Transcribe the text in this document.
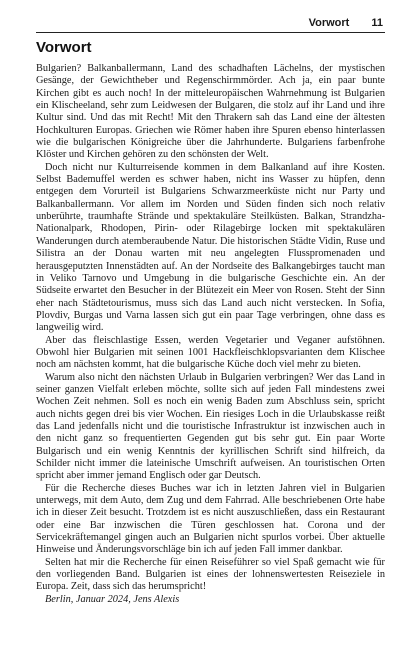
Vorwort 11
Vorwort

Bulgarien? Balkanballermann, Land des schadhaften Lächelns, der mystischen Gesänge, der Gewichtheber und Regenschirmmörder. Ach ja, ein paar bunte Kirchen gibt es auch noch! In der mitteleuropäischen Wahrnehmung ist Bulgarien ein Klischeeland, sehr zum Leidwesen der Bulgaren, die stolz auf ihr Land und ihre Kultur sind. Und das mit Recht! Mit den Thrakern sah das Land eine der ältesten Hochkulturen Europas. Griechen wie Römer haben ihre Spuren ebenso hinterlassen wie die bulgarischen Königreiche über die Jahrhunderte. Bulgariens farbenfrohe Klöster und Kirchen gehören zu den schönsten der Welt.

Doch nicht nur Kulturreisende kommen in dem Balkanland auf ihre Kosten. Selbst Bademuffel werden es schwer haben, nicht ins Wasser zu hüpfen, denn entgegen dem Vorurteil ist Bulgariens Schwarzmeerküste nicht nur Party und Balkanballermann. Vor allem im Norden und Süden finden sich noch relativ unberührte, traumhafte Strände und spektakuläre Steilküsten. Balkan, Strandzha-Nationalpark, Rhodopen, Pirin- oder Rilagebirge locken mit spektakulären Wanderungen durch atemberaubende Natur. Die historischen Städte Vidin, Ruse und Silistra an der Donau warten mit neu angelegten Flusspromenaden und herausgeputzten Innenstädten auf. An der Nordseite des Balkangebirges taucht man in Veliko Tarnovo und Umgebung in die bulgarische Geschichte ein. An der Südseite erwartet den Besucher in der Blütezeit ein Meer von Rosen. Steht der Sinn eher nach Städtetourismus, muss sich das Land auch nicht verstecken. In Sofia, Plovdiv, Burgas und Varna lassen sich gut ein paar Tage verbringen, ohne dass es langweilig wird.

Aber das fleischlastige Essen, werden Vegetarier und Veganer aufstöhnen. Obwohl hier Bulgarien mit seinen 1001 Hackfleischklopsvarianten dem Klischee noch am nächsten kommt, hat die bulgarische Küche doch viel mehr zu bieten.

Warum also nicht den nächsten Urlaub in Bulgarien verbringen? Wer das Land in seiner ganzen Vielfalt erleben möchte, sollte sich auf jeden Fall mindestens zwei Wochen Zeit nehmen. Soll es noch ein wenig Baden zum Abschluss sein, spricht auch nichts gegen drei bis vier Wochen. Ein riesiges Loch in die Urlaubskasse reißt das Land jedenfalls nicht und die touristische Infrastruktur ist inzwischen auch in den nicht ganz so frequentierten Gegenden gut bis sehr gut. Ein paar Worte Bulgarisch und ein wenig Kenntnis der kyrillischen Schrift sind hilfreich, da Schilder nicht immer die lateinische Umschrift aufweisen. An touristischen Orten spricht aber immer jemand Englisch oder gar Deutsch.

Für die Recherche dieses Buches war ich in letzten Jahren viel in Bulgarien unterwegs, mit dem Auto, dem Zug und dem Fahrrad. Alle beschriebenen Orte habe ich in dieser Zeit besucht. Trotzdem ist es nicht auszuschließen, dass ein Restaurant oder eine Bar inzwischen die Türen geschlossen hat. Corona und der Servicekräftemangel gingen auch an Bulgarien nicht spurlos vorbei. Über aktuelle Hinweise und Änderungsvorschläge bin ich auf jeden Fall immer dankbar.

Selten hat mir die Recherche für einen Reiseführer so viel Spaß gemacht wie für den vorliegenden Band. Bulgarien ist eines der lohnenswertesten Reiseziele in Europa. Zeit, dass sich das herumspricht!

Berlin, Januar 2024, Jens Alexis
